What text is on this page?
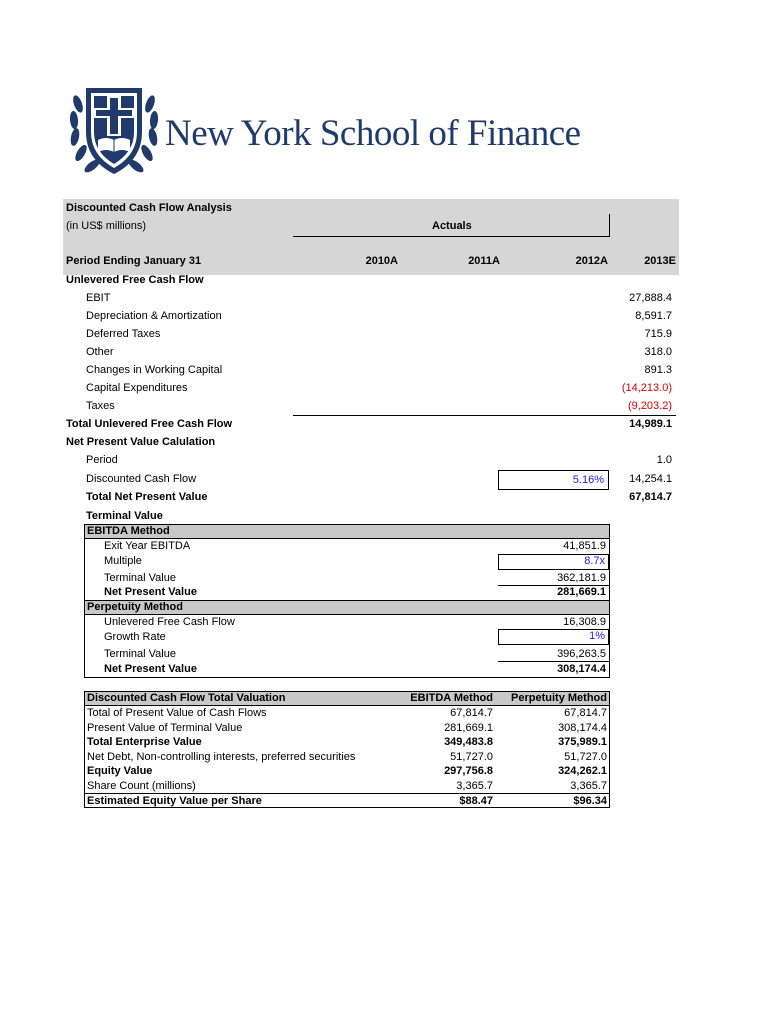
New York School of Finance
Discounted Cash Flow Analysis
(in US$ millions)	Actuals
Period Ending January 31	2010A	2011A	2012A	2013E
Unlevered Free Cash Flow
EBIT	27,888.4
Depreciation & Amortization	8,591.7
Deferred Taxes	715.9
Other	318.0
Changes in Working Capital	891.3
Capital Expenditures	(14,213.0)
Taxes	(9,203.2)
Total Unlevered Free Cash Flow	14,989.1
Net Present Value Calulation
Period	1.0
Discounted Cash Flow	5.16%	14,254.1
Total Net Present Value	67,814.7
Terminal Value
EBITDA Method
Exit Year EBITDA	41,851.9
Multiple	8.7x
Terminal Value	362,181.9
Net Present Value	281,669.1
Perpetuity Method
Unlevered Free Cash Flow	16,308.9
Growth Rate	1%
Terminal Value	396,263.5
Net Present Value	308,174.4
Discounted Cash Flow Total Valuation	EBITDA Method	Perpetuity Method
Total of Present Value of Cash Flows	67,814.7	67,814.7
Present Value of Terminal Value	281,669.1	308,174.4
Total Enterprise Value	349,483.8	375,989.1
Net Debt, Non-controlling interests, preferred securities	51,727.0	51,727.0
Equity Value	297,756.8	324,262.1
Share Count (millions)	3,365.7	3,365.7
Estimated Equity Value per Share	$88.47	$96.34
